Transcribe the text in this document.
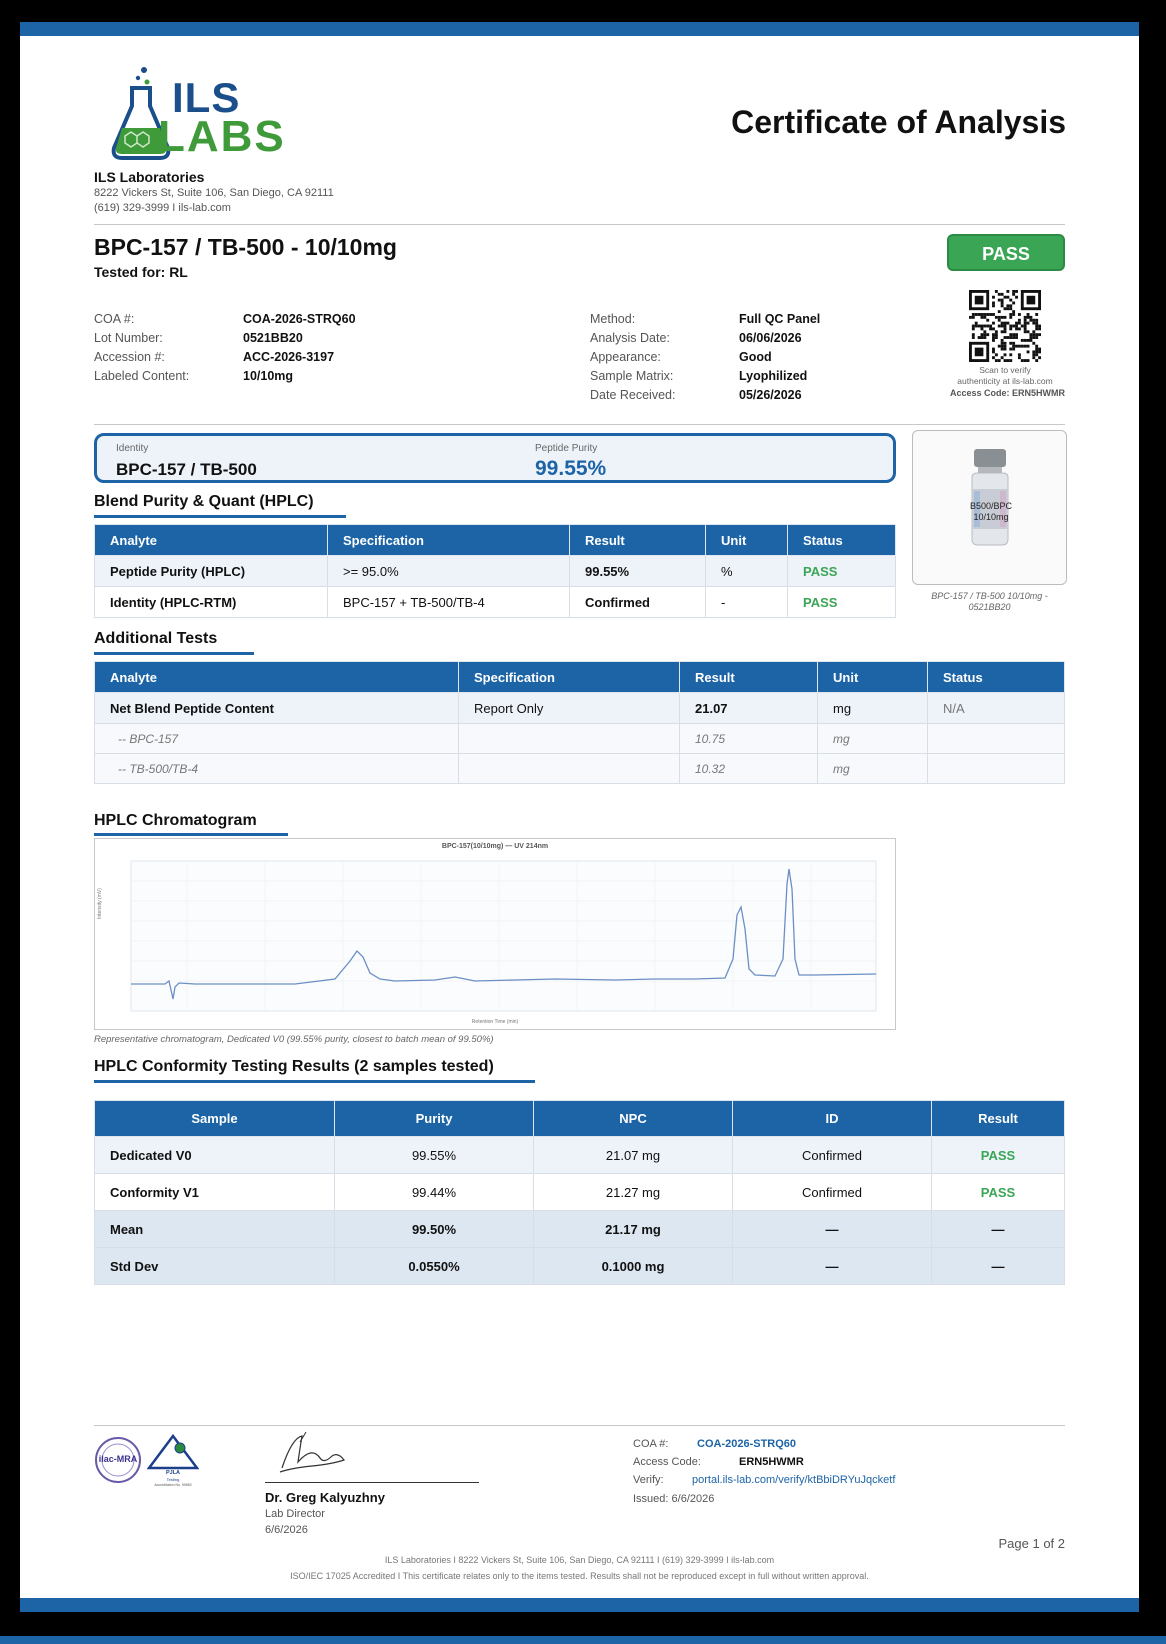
ILS
LABS	Certificate of Analysis
ILS Laboratories
8222 Vickers St, Suite 106, San Diego, CA 92111
(619) 329-3999 I ils-lab.com
BPC-157 / TB-500 - 10/10mg
Tested for: RL
PASS
COA #:	COA-2026-STRQ60
Lot Number:	0521BB20
Accession #:	ACC-2026-3197
Labeled Content:	10/10mg
Method:	Full QC Panel
Analysis Date:	06/06/2026
Appearance:	Good
Sample Matrix:	Lyophilized
Date Received:	05/26/2026
Scan to verify
authenticity at ils-lab.com
Access Code: ERN5HWMR
Identity
BPC-157 / TB-500
Peptide Purity
99.55%
B500/BPC 10/10mg
BPC-157 / TB-500 10/10mg - 0521BB20
Blend Purity & Quant (HPLC)
Analyte	Specification	Result	Unit	Status
Peptide Purity (HPLC)	>= 95.0%	99.55%	%	PASS
Identity (HPLC-RTM)	BPC-157 + TB-500/TB-4	Confirmed	-	PASS
Additional Tests
Analyte	Specification	Result	Unit	Status
Net Blend Peptide Content	Report Only	21.07	mg	N/A
-- BPC-157		10.75	mg	
-- TB-500/TB-4		10.32	mg	
HPLC Chromatogram
BPC-157(10/10mg) — UV 214nm
Intensity (mV)
Retention Time (min)
Representative chromatogram, Dedicated V0 (99.55% purity, closest to batch mean of 99.50%)
HPLC Conformity Testing Results (2 samples tested)
Sample	Purity	NPC	ID	Result
Dedicated V0	99.55%	21.07 mg	Confirmed	PASS
Conformity V1	99.44%	21.27 mg	Confirmed	PASS
Mean	99.50%	21.17 mg	—	—
Std Dev	0.0550%	0.1000 mg	—	—
ilac-MRA
PJLA
Testing
Accreditation No. 99652
Dr. Greg Kalyuzhny
Lab Director
6/6/2026
COA #:	COA-2026-STRQ60
Access Code:	ERN5HWMR
Verify:	portal.ils-lab.com/verify/ktBbiDRYuJqcketf
Issued: 6/6/2026
Page 1 of 2
ILS Laboratories I 8222 Vickers St, Suite 106, San Diego, CA 92111 I (619) 329-3999 I ils-lab.com
ISO/IEC 17025 Accredited I This certificate relates only to the items tested. Results shall not be reproduced except in full without written approval.
